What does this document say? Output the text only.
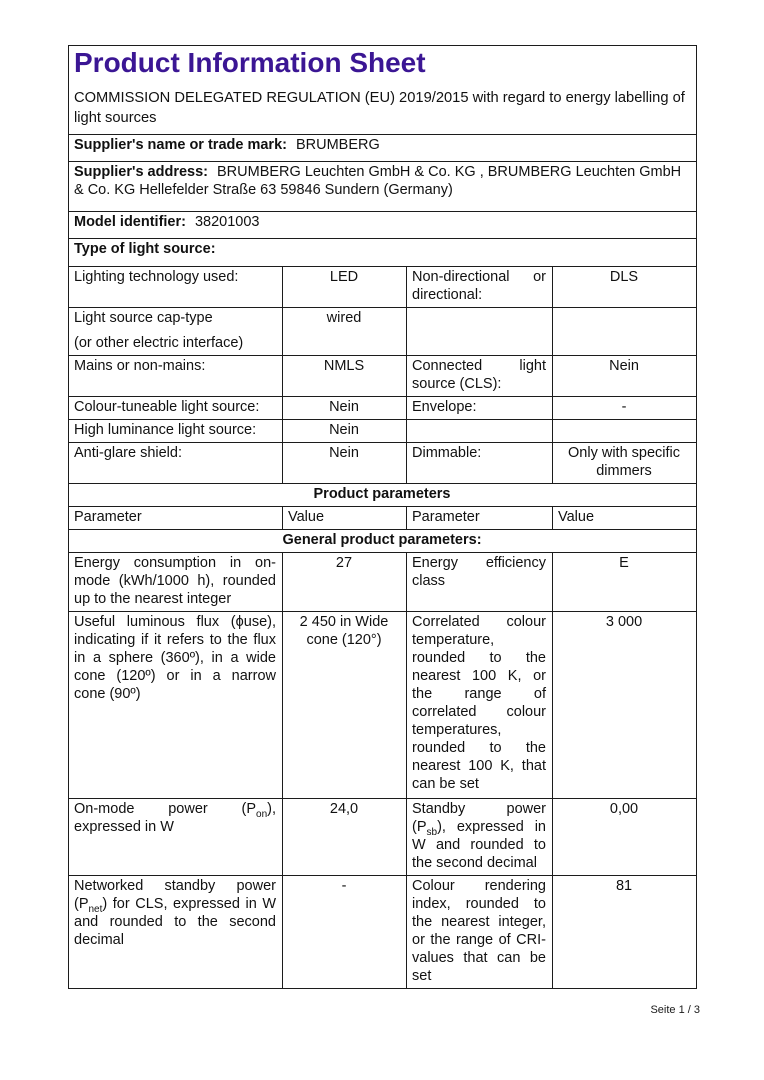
Product Information Sheet
COMMISSION DELEGATED REGULATION (EU) 2019/2015 with regard to energy labelling of light sources

Supplier's name or trade mark: BRUMBERG			
Supplier's address: BRUMBERG Leuchten GmbH & Co. KG , BRUMBERG Leuchten GmbH & Co. KG Hellefelder Straße 63 59846 Sundern (Germany)			
Model identifier: 38201003			
Type of light source:			
Lighting technology used:	LED	Non-directional or directional:	DLS

Light source cap-type
(or other electric interface)	wired		
Mains or non-mains:	NMLS	Connected light source (CLS):	Nein
Colour-tuneable light source:	Nein	Envelope:	-
High luminance light source:	Nein		
Anti-glare shield:	Nein	Dimmable:	Only with specific dimmers
Product parameters			
Parameter	Value	Parameter	Value
General product parameters:			
Energy consumption in on-mode (kWh/1000 h), rounded up to the nearest integer	27	Energy efficiency class	E
Useful luminous flux (ϕuse), indicating if it refers to the flux in a sphere (360º), in a wide cone (120º) or in a narrow cone (90º)	2 450 in Wide cone (120°)	Correlated colour temperature, rounded to the nearest 100 K, or the range of correlated colour temperatures, rounded to the nearest 100 K, that can be set	3 000
On-mode power $(P_{on})$, expressed in W	24,0	Standby power $(P_{sb})$, expressed in W and rounded to the second decimal	0,00
Networked standby power $(P_{net})$ for CLS, expressed in W and rounded to the second decimal	-	Colour rendering index, rounded to the nearest integer, or the range of CRI-values that can be set	81
Seite 1 / 3
